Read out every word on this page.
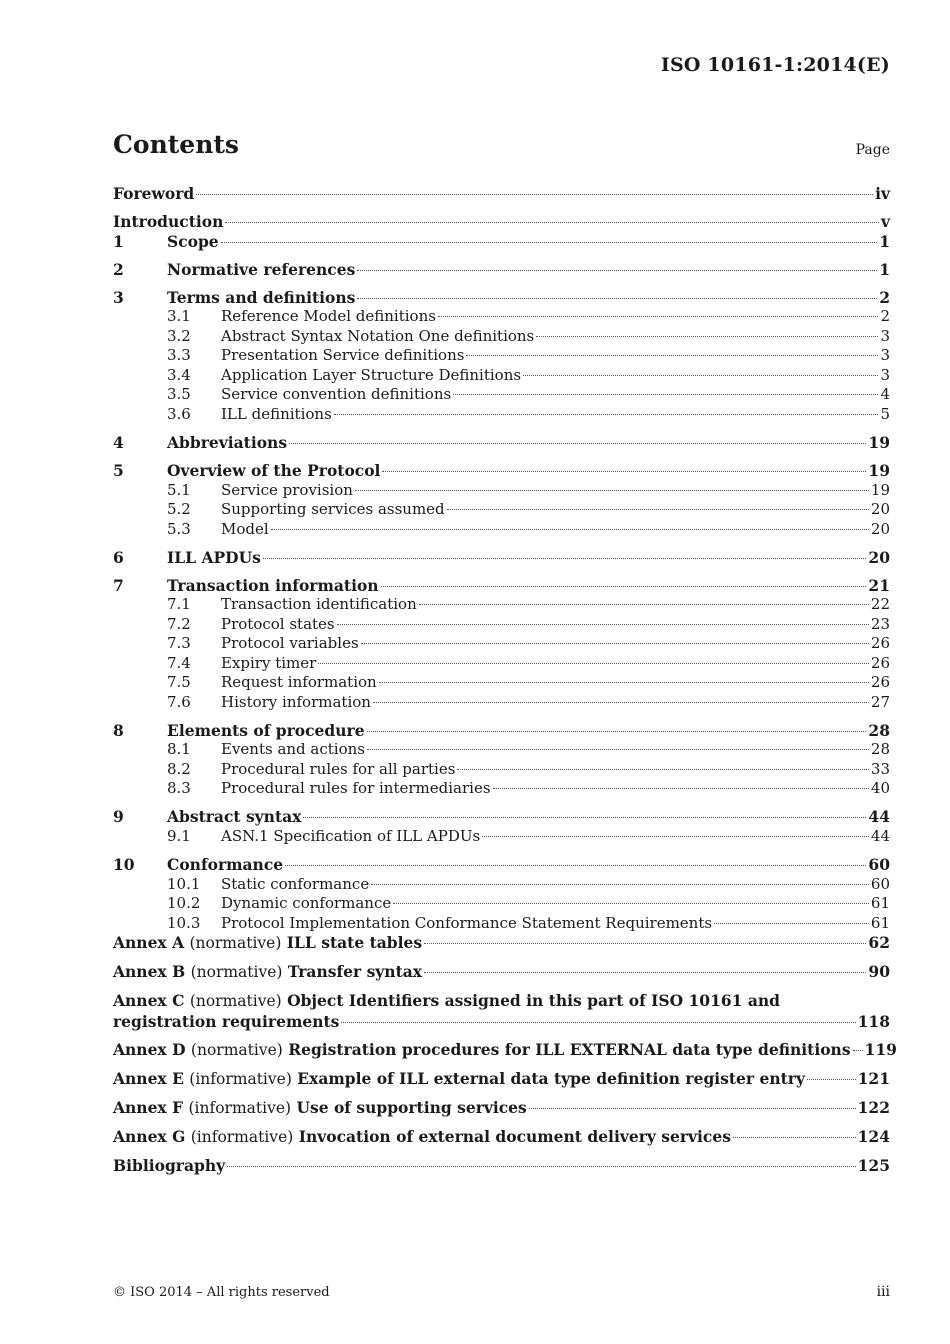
ISO 10161-1:2014(E)
Contents	Page
Foreword	iv
Introduction	v
1	Scope	1
2	Normative references	1
3	Terms and definitions	2
3.1	Reference Model definitions	2
3.2	Abstract Syntax Notation One definitions	3
3.3	Presentation Service definitions	3
3.4	Application Layer Structure Definitions	3
3.5	Service convention definitions	4
3.6	ILL definitions	5
4	Abbreviations	19
5	Overview of the Protocol	19
5.1	Service provision	19
5.2	Supporting services assumed	20
5.3	Model	20
6	ILL APDUs	20
7	Transaction information	21
7.1	Transaction identification	22
7.2	Protocol states	23
7.3	Protocol variables	26
7.4	Expiry timer	26
7.5	Request information	26
7.6	History information	27
8	Elements of procedure	28
8.1	Events and actions	28
8.2	Procedural rules for all parties	33
8.3	Procedural rules for intermediaries	40
9	Abstract syntax	44
9.1	ASN.1 Specification of ILL APDUs	44
10	Conformance	60
10.1	Static conformance	60
10.2	Dynamic conformance	61
10.3	Protocol Implementation Conformance Statement Requirements	61
Annex A (normative) ILL state tables	62
Annex B (normative) Transfer syntax	90
Annex C (normative) Object Identifiers assigned in this part of ISO 10161 and
registration requirements	118
Annex D (normative) Registration procedures for ILL EXTERNAL data type definitions 119
Annex E (informative) Example of ILL external data type definition register entry	121
Annex F (informative) Use of supporting services	122
Annex G (informative) Invocation of external document delivery services	124
Bibliography	125
© ISO 2014 – All rights reserved	iii
